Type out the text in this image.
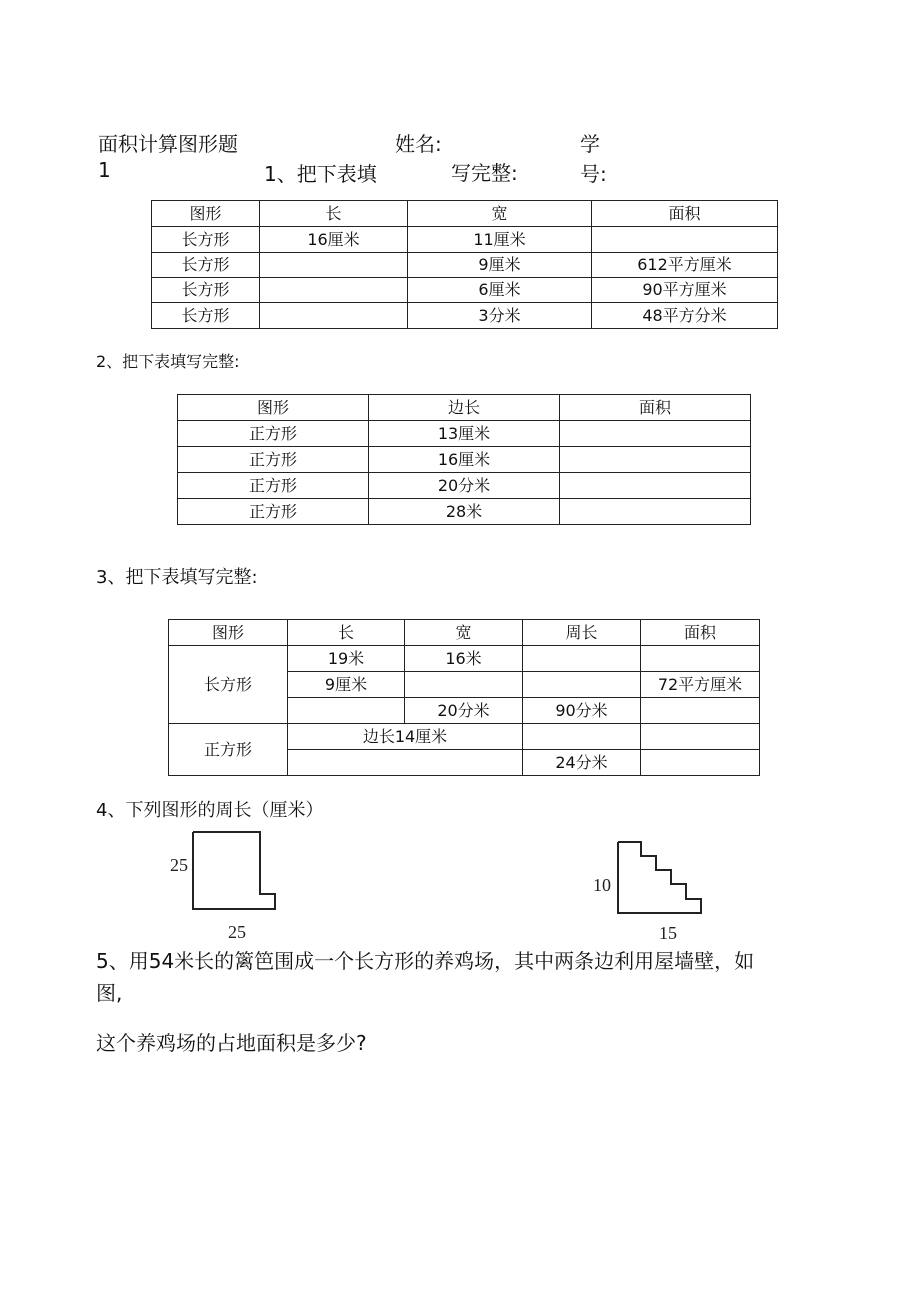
面积计算图形题	姓名:	学
1	1、把下表填	写完整:	号:
图形	长	宽	面积
长方形	16厘米	11厘米	
长方形		9厘米	612平方厘米
长方形		6厘米	90平方厘米
长方形		3分米	48平方分米
2、把下表填写完整:
图形	边长	面积
正方形	13厘米	
正方形	16厘米	
正方形	20分米	
正方形	28米	
3、把下表填写完整:
图形	长	宽	周长	面积
长方形	19米	16米		
	9厘米			72平方厘米
		20分米	90分米	
正方形	边长14厘米			
			24分米	
4、下列图形的周长（厘米）
25
25
10
15
5、用54米长的篱笆围成一个长方形的养鸡场，其中两条边利用屋墙壁，如
图,
这个养鸡场的占地面积是多少?
